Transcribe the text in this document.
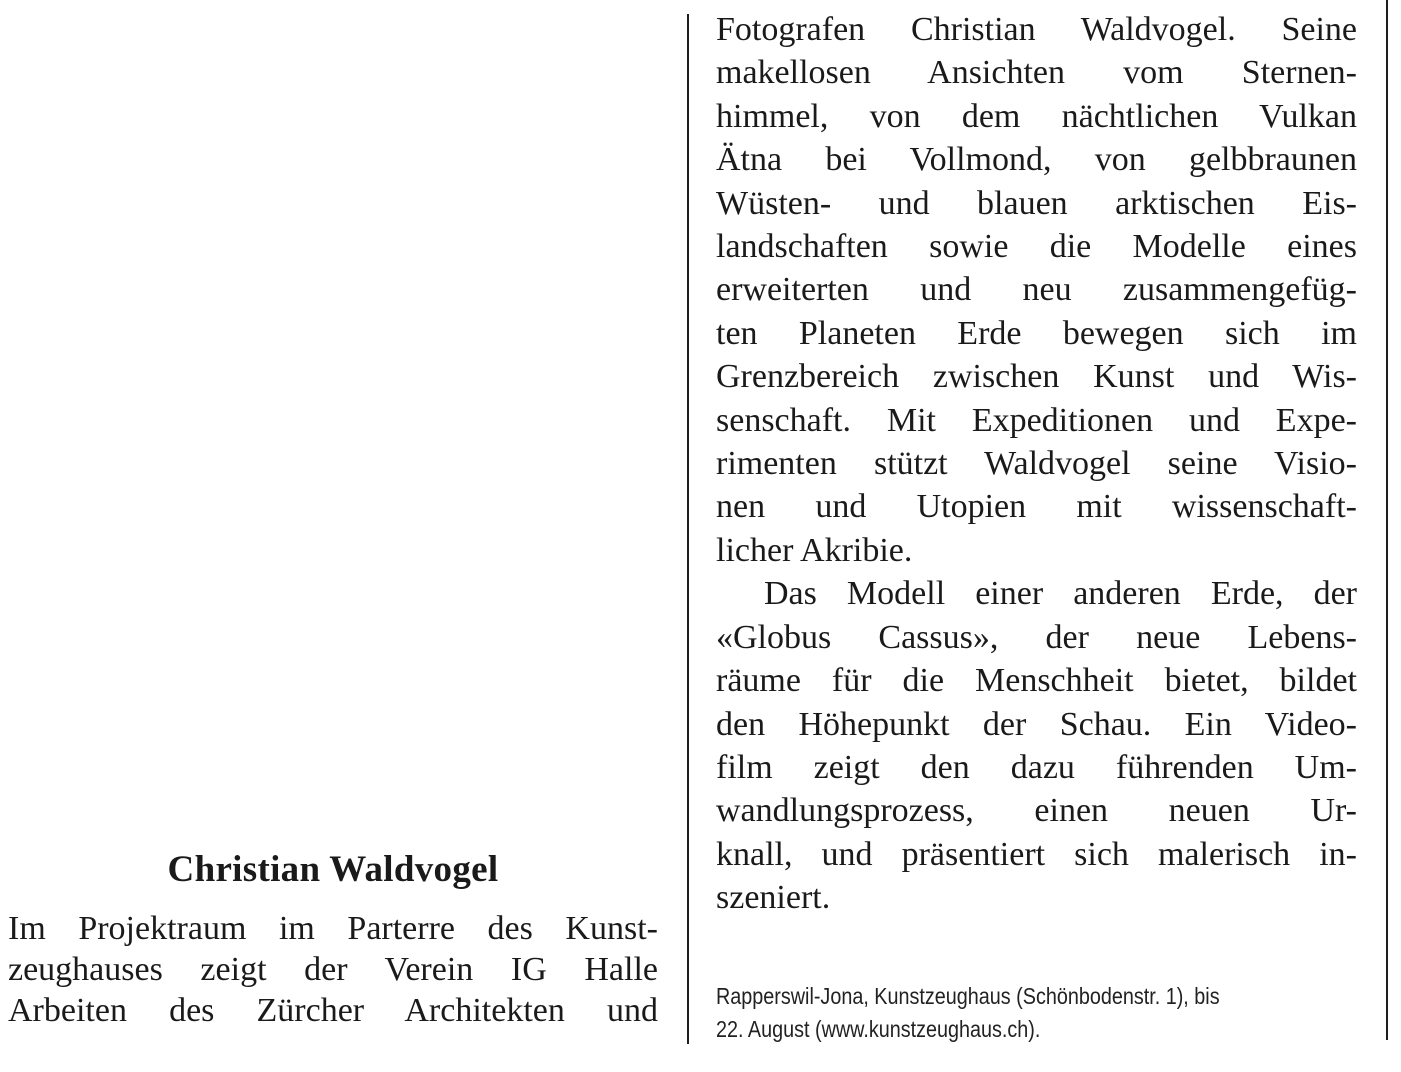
Christian Waldvogel

Im Projektraum im Parterre des Kunst-
zeughauses zeigt der Verein IG Halle
Arbeiten des Zürcher Architekten und

Fotografen Christian Waldvogel. Seine
makellosen Ansichten vom Sternen-
himmel, von dem nächtlichen Vulkan
Ätna bei Vollmond, von gelbbraunen
Wüsten- und blauen arktischen Eis-
landschaften sowie die Modelle eines
erweiterten und neu zusammengefüg-
ten Planeten Erde bewegen sich im
Grenzbereich zwischen Kunst und Wis-
senschaft. Mit Expeditionen und Expe-
rimenten stützt Waldvogel seine Visio-
nen und Utopien mit wissenschaft-
licher Akribie.

Das Modell einer anderen Erde, der
«Globus Cassus», der neue Lebens-
räume für die Menschheit bietet, bildet
den Höhepunkt der Schau. Ein Video-
film zeigt den dazu führenden Um-
wandlungsprozess, einen neuen Ur-
knall, und präsentiert sich malerisch in-
szeniert.

Rapperswil-Jona, Kunstzeughaus (Schönbodenstr. 1), bis
22. August (www.kunstzeughaus.ch).
